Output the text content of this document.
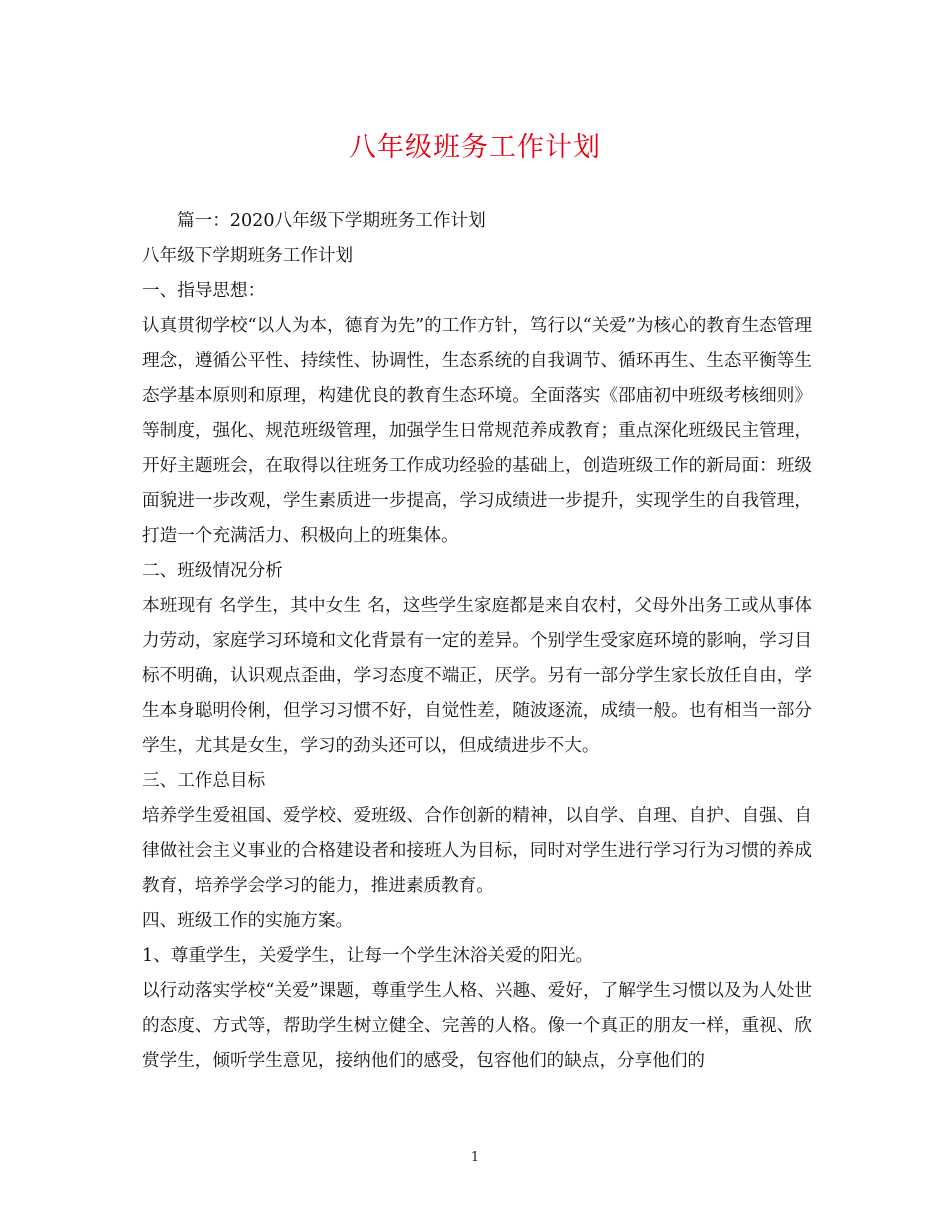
八年级班务工作计划

篇一：2020八年级下学期班务工作计划

八年级下学期班务工作计划

一、指导思想：

认真贯彻学校“以人为本，德育为先”的工作方针，笃行以“关爱”为核心的教育生态管理理念，遵循公平性、持续性、协调性，生态系统的自我调节、循环再生、生态平衡等生态学基本原则和原理，构建优良的教育生态环境。全面落实《邵庙初中班级考核细则》等制度，强化、规范班级管理，加强学生日常规范养成教育；重点深化班级民主管理，开好主题班会，在取得以往班务工作成功经验的基础上，创造班级工作的新局面：班级面貌进一步改观，学生素质进一步提高，学习成绩进一步提升，实现学生的自我管理，打造一个充满活力、积极向上的班集体。

二、班级情况分析

本班现有 名学生，其中女生 名，这些学生家庭都是来自农村，父母外出务工或从事体力劳动，家庭学习环境和文化背景有一定的差异。个别学生受家庭环境的影响，学习目标不明确，认识观点歪曲，学习态度不端正，厌学。另有一部分学生家长放任自由，学生本身聪明伶俐，但学习习惯不好，自觉性差，随波逐流，成绩一般。也有相当一部分学生，尤其是女生，学习的劲头还可以，但成绩进步不大。

三、工作总目标

培养学生爱祖国、爱学校、爱班级、合作创新的精神，以自学、自理、自护、自强、自律做社会主义事业的合格建设者和接班人为目标，同时对学生进行学习行为习惯的养成教育，培养学会学习的能力，推进素质教育。

四、班级工作的实施方案。

1、尊重学生，关爱学生，让每一个学生沐浴关爱的阳光。

以行动落实学校“关爱”课题，尊重学生人格、兴趣、爱好，了解学生习惯以及为人处世的态度、方式等，帮助学生树立健全、完善的人格。像一个真正的朋友一样，重视、欣赏学生，倾听学生意见，接纳他们的感受，包容他们的缺点，分享他们的

1
